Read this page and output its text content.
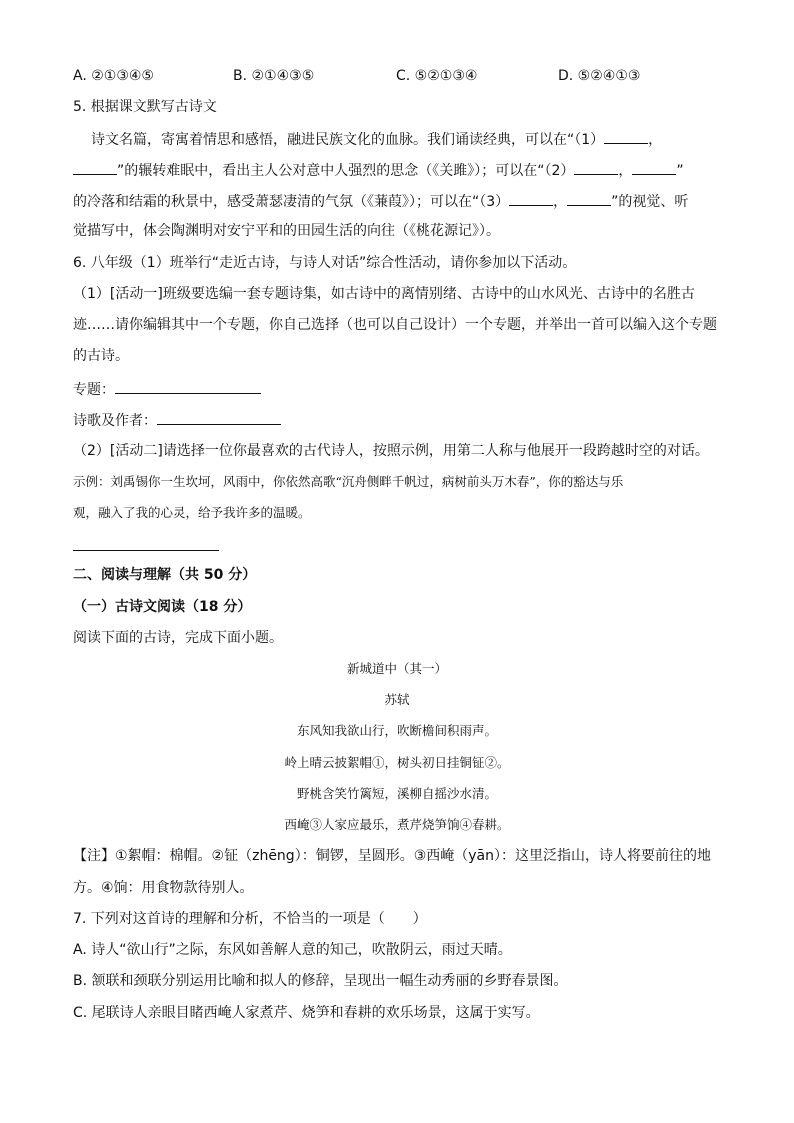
A. ②①③④⑤	B. ②①④③⑤	C. ⑤②①③④	D. ⑤②④①③
5. 根据课文默写古诗文
诗文名篇，寄寓着情思和感悟，融进民族文化的血脉。我们诵读经典，可以在“（1）	，
”的辗转难眠中，看出主人公对意中人强烈的思念（《关雎》）；可以在“（2）	，	”
的冷落和结霜的秋景中，感受萧瑟凄清的气氛（《蒹葭》）；可以在“（3）	，	”的视觉、听
觉描写中，体会陶渊明对安宁平和的田园生活的向往（《桃花源记》）。
6. 八年级（1）班举行“走近古诗，与诗人对话”综合性活动，请你参加以下活动。
（1）[活动一]班级要选编一套专题诗集，如古诗中的离情别绪、古诗中的山水风光、古诗中的名胜古
迹……请你编辑其中一个专题，你自己选择（也可以自己设计）一个专题，并举出一首可以编入这个专题
的古诗。
专题：
诗歌及作者：
（2）[活动二]请选择一位你最喜欢的古代诗人，按照示例，用第二人称与他展开一段跨越时空的对话。
示例：刘禹锡你一生坎坷，风雨中，你依然高歌“沉舟侧畔千帆过，病树前头万木春”，你的豁达与乐
观，融入了我的心灵，给予我许多的温暖。
二、阅读与理解（共 50 分）
（一）古诗文阅读（18 分）
阅读下面的古诗，完成下面小题。
新城道中（其一）
苏轼
东风知我欲山行，吹断檐间积雨声。
岭上晴云披絮帽①，树头初日挂铜钲②。
野桃含笑竹篱短，溪柳自摇沙水清。
西崦③人家应最乐，煮芹烧笋饷④春耕。
【注】①絮帽：棉帽。②钲（zhēng）：铜锣，呈圆形。③西崦（yān）：这里泛指山，诗人将要前往的地
方。④饷：用食物款待别人。
7. 下列对这首诗的理解和分析，不恰当的一项是（　　）
A. 诗人“欲山行”之际，东风如善解人意的知己，吹散阴云，雨过天晴。
B. 颔联和颈联分别运用比喻和拟人的修辞，呈现出一幅生动秀丽的乡野春景图。
C. 尾联诗人亲眼目睹西崦人家煮芹、烧笋和春耕的欢乐场景，这属于实写。
